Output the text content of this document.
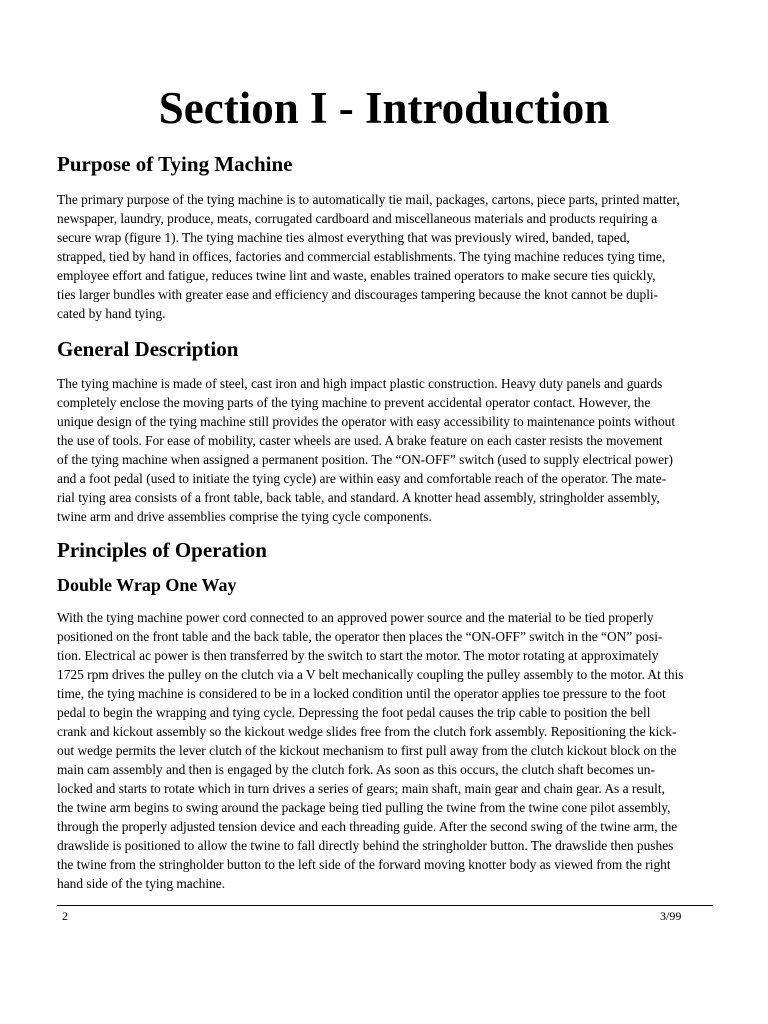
Section I - Introduction
Purpose of Tying Machine
The primary purpose of the tying machine is to automatically tie mail, packages, cartons, piece parts, printed matter,
newspaper, laundry, produce, meats, corrugated cardboard and miscellaneous materials and products requiring a
secure wrap (figure 1). The tying machine ties almost everything that was previously wired, banded, taped,
strapped, tied by hand in offices, factories and commercial establishments. The tying machine reduces tying time,
employee effort and fatigue, reduces twine lint and waste, enables trained operators to make secure ties quickly,
ties larger bundles with greater ease and efficiency and discourages tampering because the knot cannot be dupli-
cated by hand tying.
General Description
The tying machine is made of steel, cast iron and high impact plastic construction. Heavy duty panels and guards
completely enclose the moving parts of the tying machine to prevent accidental operator contact. However, the
unique design of the tying machine still provides the operator with easy accessibility to maintenance points without
the use of tools. For ease of mobility, caster wheels are used. A brake feature on each caster resists the movement
of the tying machine when assigned a permanent position. The “ON-OFF” switch (used to supply electrical power)
and a foot pedal (used to initiate the tying cycle) are within easy and comfortable reach of the operator. The mate-
rial tying area consists of a front table, back table, and standard. A knotter head assembly, stringholder assembly,
twine arm and drive assemblies comprise the tying cycle components.
Principles of Operation
Double Wrap One Way
With the tying machine power cord connected to an approved power source and the material to be tied properly
positioned on the front table and the back table, the operator then places the “ON-OFF” switch in the “ON” posi-
tion. Electrical ac power is then transferred by the switch to start the motor. The motor rotating at approximately
1725 rpm drives the pulley on the clutch via a V belt mechanically coupling the pulley assembly to the motor. At this
time, the tying machine is considered to be in a locked condition until the operator applies toe pressure to the foot
pedal to begin the wrapping and tying cycle. Depressing the foot pedal causes the trip cable to position the bell
crank and kickout assembly so the kickout wedge slides free from the clutch fork assembly. Repositioning the kick-
out wedge permits the lever clutch of the kickout mechanism to first pull away from the clutch kickout block on the
main cam assembly and then is engaged by the clutch fork. As soon as this occurs, the clutch shaft becomes un-
locked and starts to rotate which in turn drives a series of gears; main shaft, main gear and chain gear. As a result,
the twine arm begins to swing around the package being tied pulling the twine from the twine cone pilot assembly,
through the properly adjusted tension device and each threading guide. After the second swing of the twine arm, the
drawslide is positioned to allow the twine to fall directly behind the stringholder button. The drawslide then pushes
the twine from the stringholder button to the left side of the forward moving knotter body as viewed from the right
hand side of the tying machine.
2	3/99
